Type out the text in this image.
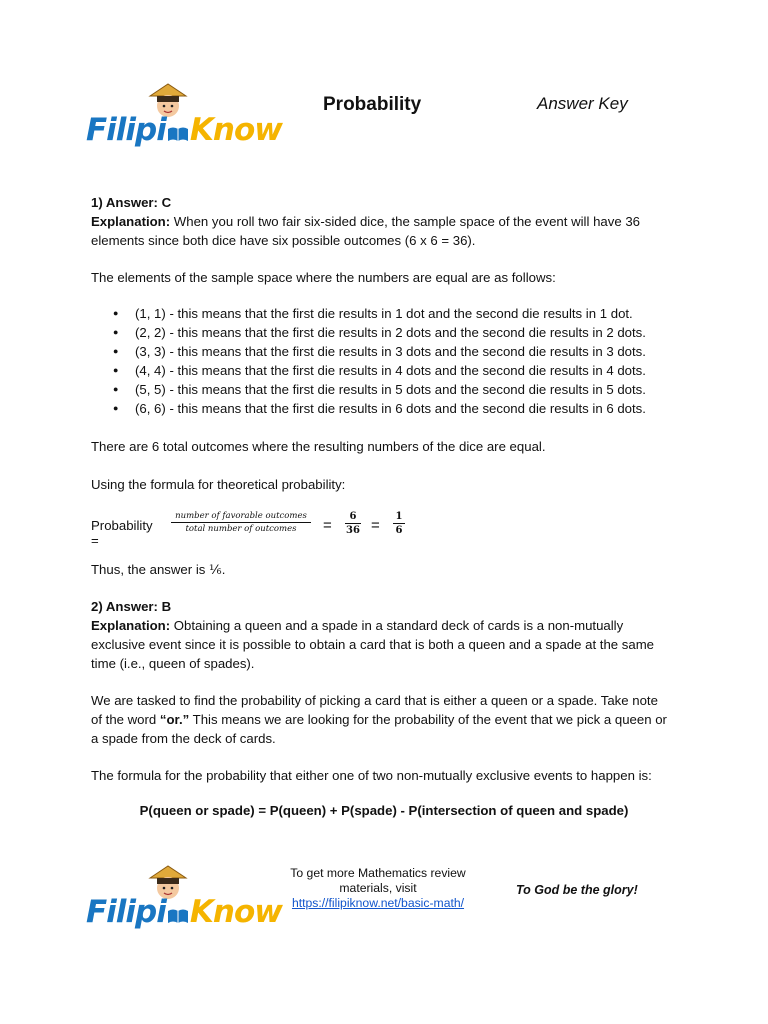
Filipi Know
Probability	Answer Key
1) Answer: C
Explanation: When you roll two fair six-sided dice, the sample space of the event will have 36 elements since both dice have six possible outcomes (6 x 6 = 36).
The elements of the sample space where the numbers are equal are as follows:
● (1, 1) - this means that the first die results in 1 dot and the second die results in 1 dot.
● (2, 2) - this means that the first die results in 2 dots and the second die results in 2 dots.
● (3, 3) - this means that the first die results in 3 dots and the second die results in 3 dots.
● (4, 4) - this means that the first die results in 4 dots and the second die results in 4 dots.
● (5, 5) - this means that the first die results in 5 dots and the second die results in 5 dots.
● (6, 6) - this means that the first die results in 6 dots and the second die results in 6 dots.
There are 6 total outcomes where the resulting numbers of the dice are equal.
Using the formula for theoretical probability:
Probability =
number of favorable outcomes
total number of outcomes	=
6
36 =
1
6
Thus, the answer is ⅙.
2) Answer: B
Explanation: Obtaining a queen and a spade in a standard deck of cards is a non-mutually exclusive event since it is possible to obtain a card that is both a queen and a spade at the same time (i.e., queen of spades).
We are tasked to find the probability of picking a card that is either a queen or a spade. Take note of the word “or.” This means we are looking for the probability of the event that we pick a queen or a spade from the deck of cards.
The formula for the probability that either one of two non-mutually exclusive events to happen is:
P(queen or spade) = P(queen) + P(spade) - P(intersection of queen and spade)
Filipi Know
To get more Mathematics review materials, visit
https://filipiknow.net/basic-math/
To God be the glory!
